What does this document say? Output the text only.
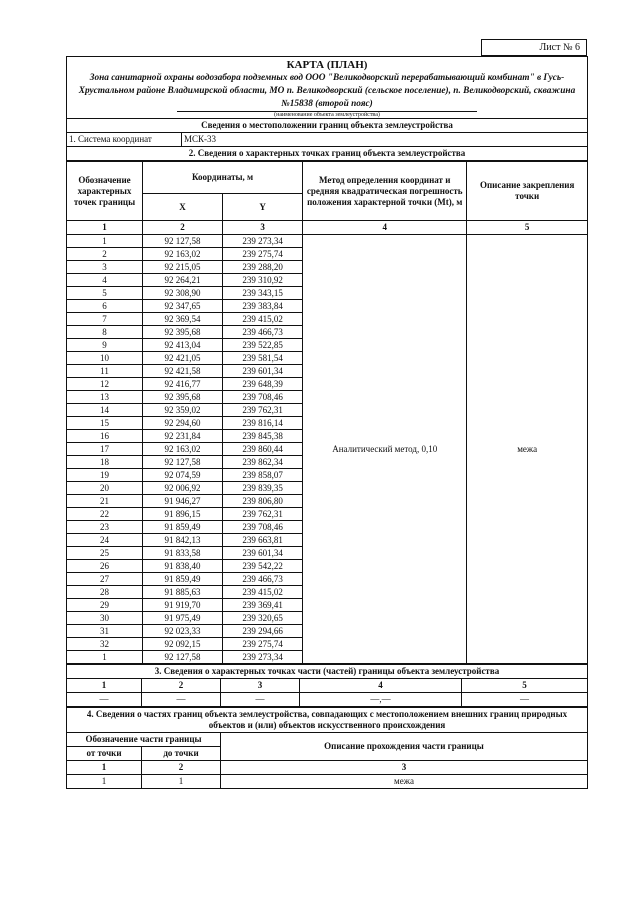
Лист № 6
КАРТА (ПЛАН)
Зона санитарной охраны водозабора подземных вод ООО "Великодворский перерабатывающий комбинат" в Гусь-Хрустальном районе Владимирской области, МО п. Великодворский (сельское поселение), п. Великодворский, скважина №15838 (второй пояс)
(наименование объекта землеустройства)
Сведения о местоположении границ объекта землеустройства
1. Система координат	МСК-33
2. Сведения о характерных точках границ объекта землеустройства
Обозначение характерных точек границы	Координаты, м		Метод определения координат и средняя квадратическая погрешность положения характерной точки (Mt), м	Описание закрепления точки
	X	Y		
1	2	3	4	5
1	92 127,58	239 273,34	Аналитический метод, 0,10	межа
2	92 163,02	239 275,74		
3	92 215,05	239 288,20		
4	92 264,21	239 310,92		
5	92 308,90	239 343,15		
6	92 347,65	239 383,84		
7	92 369,54	239 415,02		
8	92 395,68	239 466,73		
9	92 413,04	239 522,85		
10	92 421,05	239 581,54		
11	92 421,58	239 601,34		
12	92 416,77	239 648,39		
13	92 395,68	239 708,46		
14	92 359,02	239 762,31		
15	92 294,60	239 816,14		
16	92 231,84	239 845,38		
17	92 163,02	239 860,44		
18	92 127,58	239 862,34		
19	92 074,59	239 858,07		
20	92 006,92	239 839,35		
21	91 946,27	239 806,80		
22	91 896,15	239 762,31		
23	91 859,49	239 708,46		
24	91 842,13	239 663,81		
25	91 833,58	239 601,34		
26	91 838,40	239 542,22		
27	91 859,49	239 466,73		
28	91 885,63	239 415,02		
29	91 919,70	239 369,41		
30	91 975,49	239 320,65		
31	92 023,33	239 294,66		
32	92 092,15	239 275,74		
1	92 127,58	239 273,34		
3. Сведения о характерных точках части (частей) границы объекта землеустройства				
1	2	3	4	5
—	—	—	—,—	—
4. Сведения о частях границ объекта землеустройства, совпадающих с местоположением внешних границ природных объектов и (или) объектов искусственного происхождения		
Обозначение части границы		Описание прохождения части границы
от точки	до точки	
1	2	3
1	1	межа
